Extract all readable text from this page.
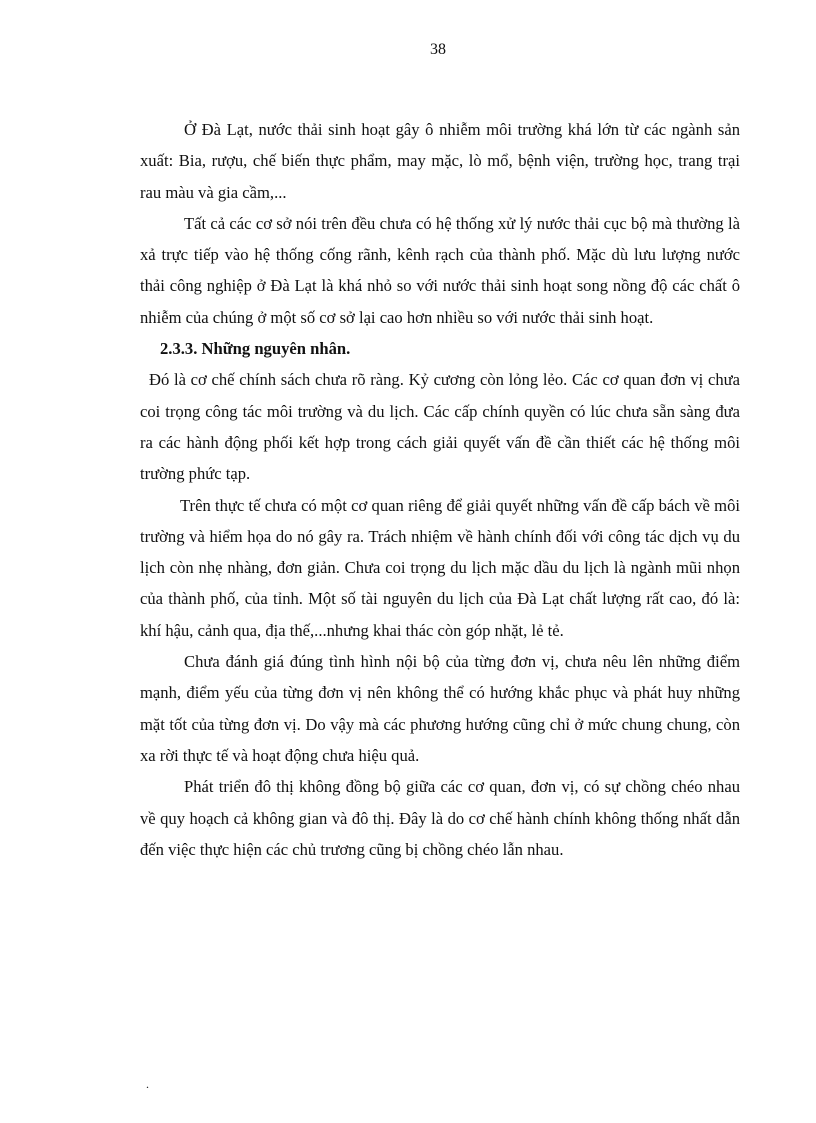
38

Ở Đà Lạt, nước thải sinh hoạt gây ô nhiễm môi trường khá lớn từ các ngành sản xuất: Bia, rượu, chế biến thực phẩm, may mặc, lò mổ, bệnh viện, trường học, trang trại rau màu và gia cầm,...

Tất cả các cơ sở nói trên đều chưa có hệ thống xử lý nước thải cục bộ mà thường là xả trực tiếp vào hệ thống cống rãnh, kênh rạch của thành phố. Mặc dù lưu lượng nước thải công nghiệp ở Đà Lạt là khá nhỏ so với nước thải sinh hoạt song nồng độ các chất ô nhiễm của chúng ở một số cơ sở lại cao hơn nhiều so với nước thải sinh hoạt.

2.3.3. Những nguyên nhân.

Đó là cơ chế chính sách chưa rõ ràng. Kỷ cương còn lỏng lẻo. Các cơ quan đơn vị chưa coi trọng công tác môi trường và du lịch. Các cấp chính quyền có lúc chưa sẵn sàng đưa ra các hành động phối kết hợp trong cách giải quyết vấn đề cần thiết các hệ thống môi trường phức tạp.

Trên thực tế chưa có một cơ quan riêng để giải quyết những vấn đề cấp bách về môi trường và hiểm họa do nó gây ra. Trách nhiệm về hành chính đối với công tác dịch vụ du lịch còn nhẹ nhàng, đơn giản. Chưa coi trọng du lịch mặc dầu du lịch là ngành mũi nhọn của thành phố, của tỉnh. Một số tài nguyên du lịch của Đà Lạt chất lượng rất cao, đó là: khí hậu, cảnh qua, địa thế,...nhưng khai thác còn góp nhặt, lẻ tẻ.

Chưa đánh giá đúng tình hình nội bộ của từng đơn vị, chưa nêu lên những điểm mạnh, điểm yếu của từng đơn vị nên không thể có hướng khắc phục và phát huy những mặt tốt của từng đơn vị. Do vậy mà các phương hướng cũng chỉ ở mức chung chung, còn xa rời thực tế và hoạt động chưa hiệu quả.

Phát triển đô thị không đồng bộ giữa các cơ quan, đơn vị, có sự chồng chéo nhau về quy hoạch cả không gian và đô thị. Đây là do cơ chế hành chính không thống nhất dẫn đến việc thực hiện các chủ trương cũng bị chồng chéo lẫn nhau.

.
